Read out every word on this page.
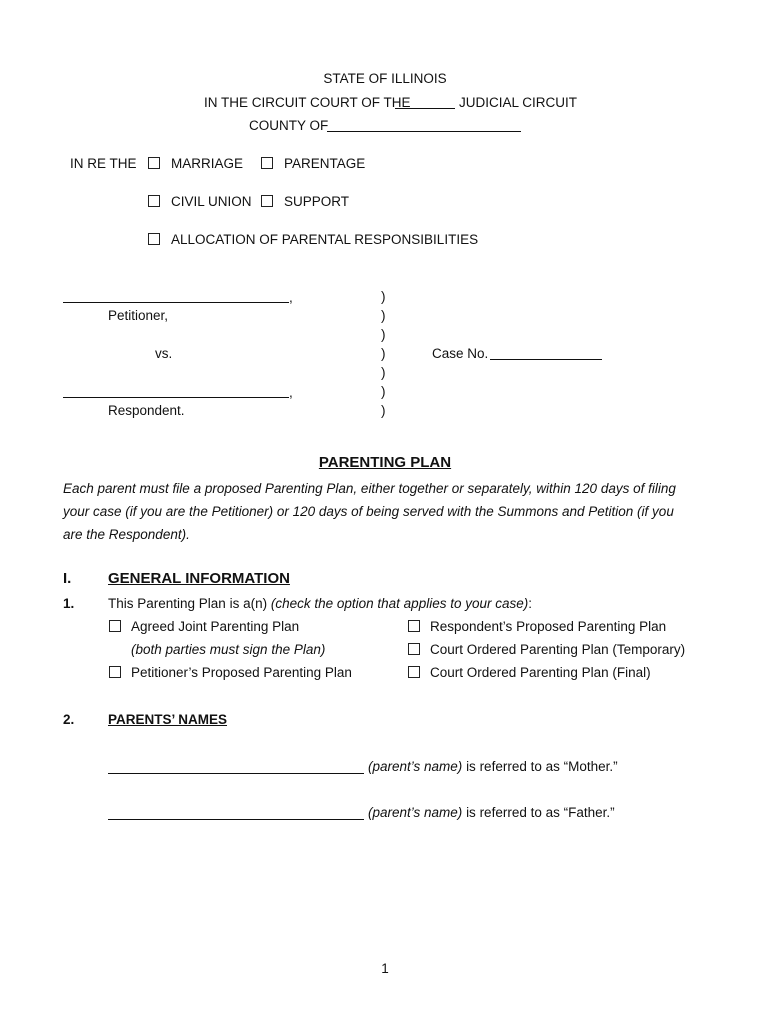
STATE OF ILLINOIS
IN THE CIRCUIT COURT OF THE	JUDICIAL CIRCUIT
COUNTY OF
IN RE THE	MARRIAGE	PARENTAGE
CIVIL UNION SUPPORT
ALLOCATION OF PARENTAL RESPONSIBILITIES
,
Petitioner,
vs.
,
Respondent.
)
)
)
)
)
)
)
Case No.
PARENTING PLAN
Each parent must file a proposed Parenting Plan, either together or separately, within 120 days of filing
your case (if you are the Petitioner) or 120 days of being served with the Summons and Petition (if you
are the Respondent).
I. GENERAL INFORMATION
1. This Parenting Plan is a(n) (check the option that applies to your case):
Agreed Joint Parenting Plan
(both parties must sign the Plan)
Petitioner’s Proposed Parenting Plan
Respondent’s Proposed Parenting Plan
Court Ordered Parenting Plan (Temporary)
Court Ordered Parenting Plan (Final)
2. PARENTS’ NAMES
(parent’s name) is referred to as “Mother.”
(parent’s name) is referred to as “Father.”
1
